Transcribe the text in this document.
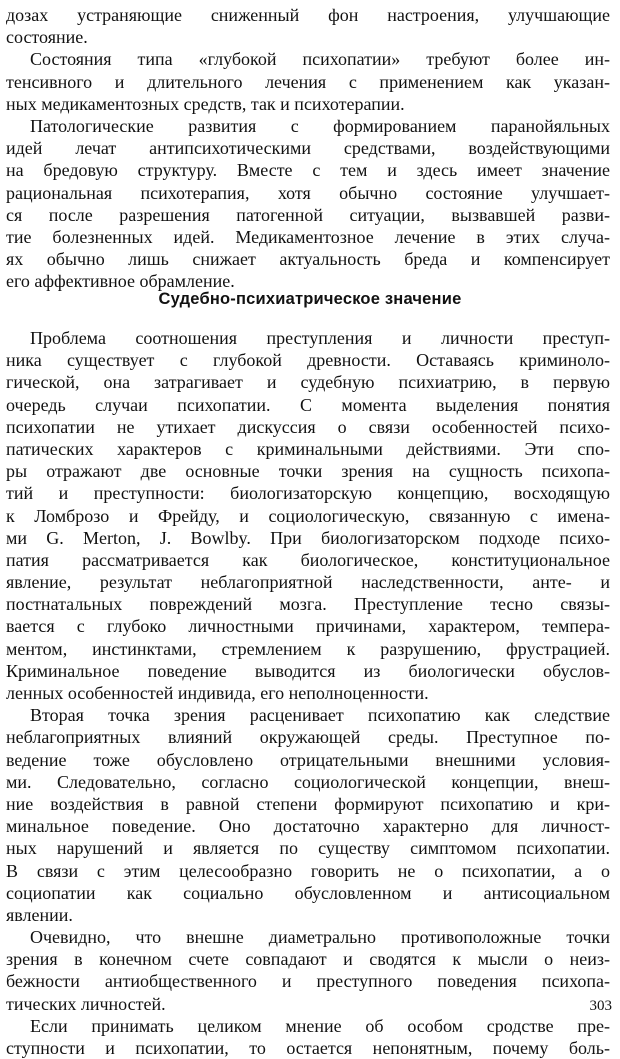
дозах устраняющие сниженный фон настроения, улучшающие
состояние.
Состояния типа «глубокой психопатии» требуют более ин-
тенсивного и длительного лечения с применением как указан-
ных медикаментозных средств, так и психотерапии.
Патологические развития с формированием паранойяльных
идей лечат антипсихотическими средствами, воздействующими
на бредовую структуру. Вместе с тем и здесь имеет значение
рациональная психотерапия, хотя обычно состояние улучшает-
ся после разрешения патогенной ситуации, вызвавшей разви-
тие болезненных идей. Медикаментозное лечение в этих случа-
ях обычно лишь снижает актуальность бреда и компенсирует
его аффективное обрамление.
Судебно-психиатрическое значение
Проблема соотношения преступления и личности преступ-
ника существует с глубокой древности. Оставаясь криминоло-
гической, она затрагивает и судебную психиатрию, в первую
очередь случаи психопатии. С момента выделения понятия
психопатии не утихает дискуссия о связи особенностей психо-
патических характеров с криминальными действиями. Эти спо-
ры отражают две основные точки зрения на сущность психопа-
тий и преступности: биологизаторскую концепцию, восходящую
к Ломброзо и Фрейду, и социологическую, связанную с имена-
ми G. Merton, J. Bowlby. При биологизаторском подходе психо-
патия рассматривается как биологическое, конституциональное
явление, результат неблагоприятной наследственности, анте- и
постнатальных повреждений мозга. Преступление тесно связы-
вается с глубоко личностными причинами, характером, темпера-
ментом, инстинктами, стремлением к разрушению, фрустрацией.
Криминальное поведение выводится из биологически обуслов-
ленных особенностей индивида, его неполноценности.
Вторая точка зрения расценивает психопатию как следствие
неблагоприятных влияний окружающей среды. Преступное по-
ведение тоже обусловлено отрицательными внешними условия-
ми. Следовательно, согласно социологической концепции, внеш-
ние воздействия в равной степени формируют психопатию и кри-
минальное поведение. Оно достаточно характерно для личност-
ных нарушений и является по существу симптомом психопатии.
В связи с этим целесообразно говорить не о психопатии, а о
социопатии как социально обусловленном и антисоциальном
явлении.
Очевидно, что внешне диаметрально противоположные точки
зрения в конечном счете совпадают и сводятся к мысли о неиз-
бежности антиобщественного и преступного поведения психопа-
тических личностей.
Если принимать целиком мнение об особом сродстве пре-
ступности и психопатии, то остается непонятным, почему боль-
303
